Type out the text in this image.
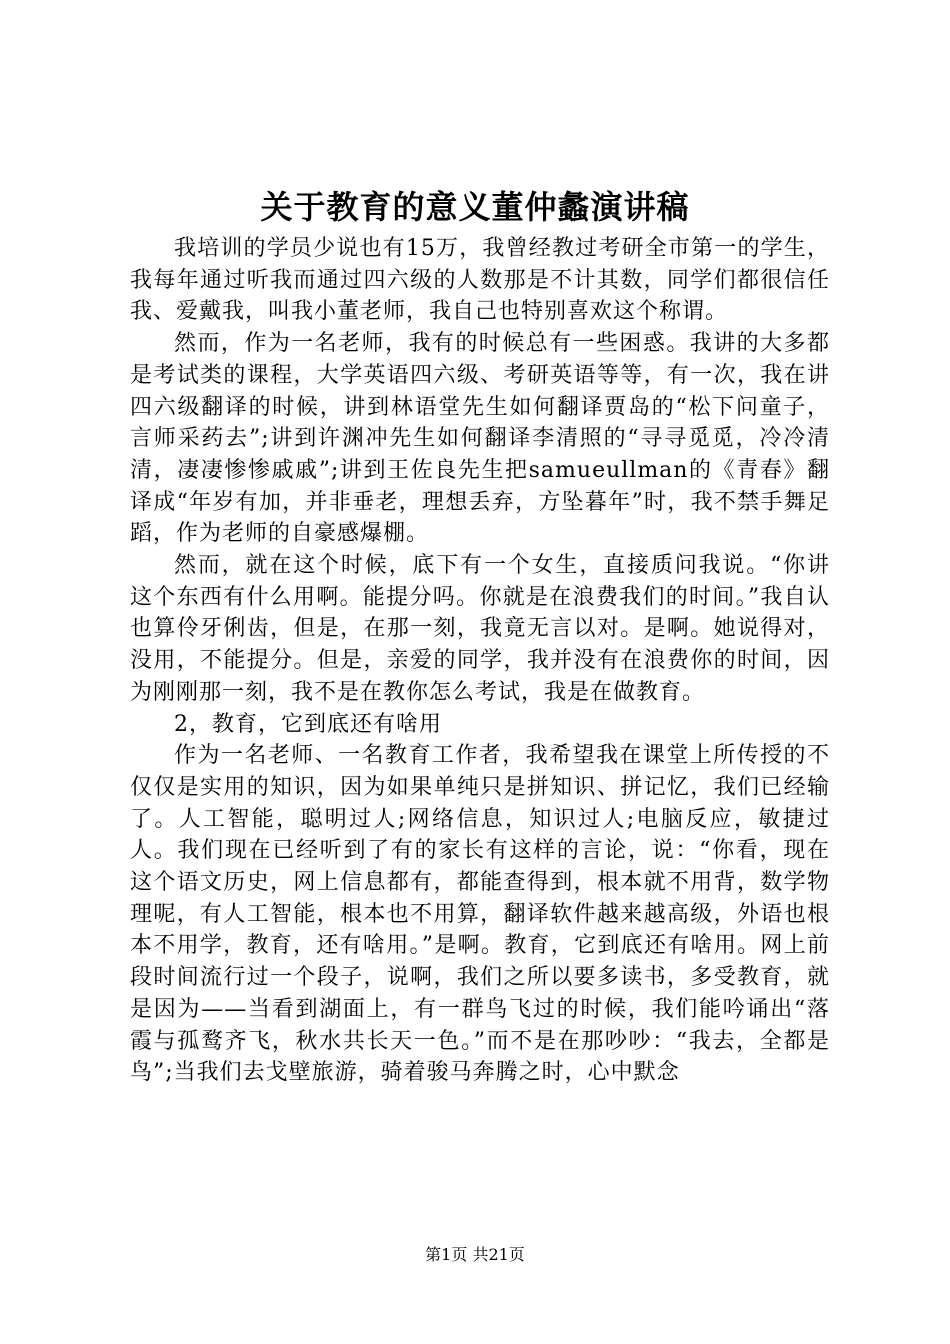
关于教育的意义董仲蠡演讲稿

我培训的学员少说也有15万，我曾经教过考研全市第一的学生，我每年通过听我而通过四六级的人数那是不计其数，同学们都很信任我、爱戴我，叫我小董老师，我自己也特别喜欢这个称谓。

然而，作为一名老师，我有的时候总有一些困惑。我讲的大多都是考试类的课程，大学英语四六级、考研英语等等，有一次，我在讲四六级翻译的时候，讲到林语堂先生如何翻译贾岛的“松下问童子，言师采药去”;讲到许渊冲先生如何翻译李清照的“寻寻觅觅，冷冷清清，凄凄惨惨戚戚”;讲到王佐良先生把samueullman的《青春》翻译成“年岁有加，并非垂老，理想丢弃，方坠暮年”时，我不禁手舞足蹈，作为老师的自豪感爆棚。

然而，就在这个时候，底下有一个女生，直接质问我说。“你讲这个东西有什么用啊。能提分吗。你就是在浪费我们的时间。”我自认也算伶牙俐齿，但是，在那一刻，我竟无言以对。是啊。她说得对，没用，不能提分。但是，亲爱的同学，我并没有在浪费你的时间，因为刚刚那一刻，我不是在教你怎么考试，我是在做教育。

2，教育，它到底还有啥用

作为一名老师、一名教育工作者，我希望我在课堂上所传授的不仅仅是实用的知识，因为如果单纯只是拼知识、拼记忆，我们已经输了。人工智能，聪明过人;网络信息，知识过人;电脑反应，敏捷过人。我们现在已经听到了有的家长有这样的言论，说：“你看，现在这个语文历史，网上信息都有，都能查得到，根本就不用背，数学物理呢，有人工智能，根本也不用算，翻译软件越来越高级，外语也根本不用学，教育，还有啥用。”是啊。教育，它到底还有啥用。网上前段时间流行过一个段子，说啊，我们之所以要多读书，多受教育，就是因为——当看到湖面上，有一群鸟飞过的时候，我们能吟诵出“落霞与孤鹜齐飞，秋水共长天一色。”而不是在那吵吵：“我去，全都是鸟”;当我们去戈壁旅游，骑着骏马奔腾之时，心中默念

第1页 共21页
